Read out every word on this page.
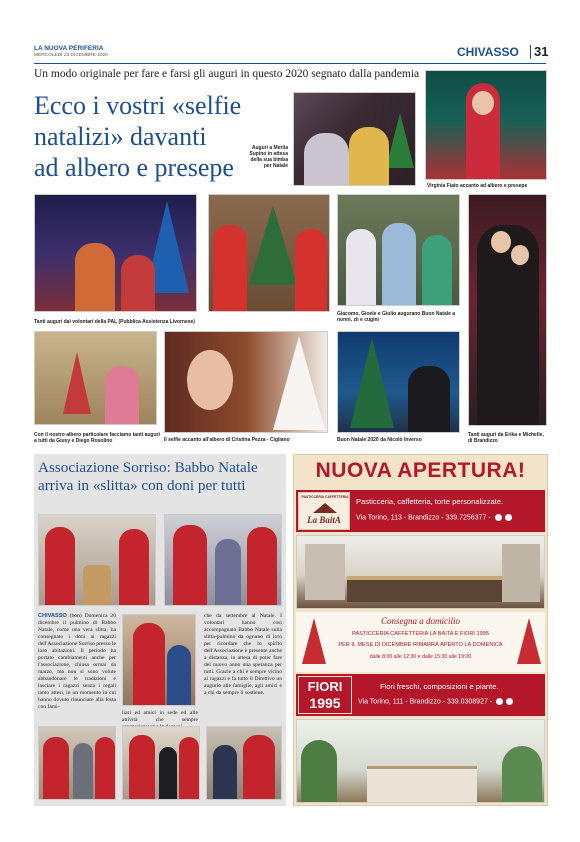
LA NUOVA PERIFERIA
MERCOLEDÌ 23 DICEMBRE 2020	CHIVASSO 31
Un modo originale per fare e farsi gli auguri in questo 2020 segnato dalla pandemia
Ecco i vostri «selfie
natalizi» davanti
ad albero e presepe
Auguri a Merila Supino in attesa della sua bimba per Natale
Virginia Fiato accanto ad albero e presepe
Tanti auguri dai volontari della PAL (Pubblica Assistenza Livornese)
Giacomo, Gioele e Giulio augurano Buon Natale a nonni, zii e cugini
Con il nostro albero particolare facciamo tanti auguri a tutti da Giusy e Diego Rosolino	Il selfie accanto all'albero di Cristina Pezza - Cigliano	Buon Natale 2020 da Nicolò Inverso
Tanti auguri da Erika e Michelle, di Brandizzo
Associazione Sorriso: Babbo Natale
arriva in «slitta» con doni per tutti
CHIVASSO (bon) Domenica 20 dicembre il pulmino di Babbo Natale, come una vera slitta, ha consegnato i doni ai ragazzi dell'Associazione Sorriso presso le loro abitazioni. Il periodo ha portato cambiamenti anche per l'associazione, chiusa ormai da marzo, ma non si sono volute abbandonare le tradizioni e lasciare i ragazzi senza i regali tanto attesi, in un momento in cui hanno dovuto rinunciare alla festa con fami-
liari ed amici in sede ed alle attività che sempre
che da settembre al Natale. I volontari hanno così accompagnato Babbo Natale sulla slitta-pulmino da ognuno di loro per ricordare che lo spirito dell'Associazione è presente anche a distanza, in attesa di poter fare del nuovo anno una speranza per tutti. Grazie a chi è sempre vicino ai ragazzi e fa tutto il Direttivo un augurio alle famiglie, agli amici e a chi da sempre li sostiene.
NUOVA APERTURA!
PASTICCERIA CAFFETTERIA
La BaitA
Pasticceria, caffetteria, torte personalizzate.
Via Torino, 113 - Brandizzo - 339.7256377 -
Consegna a domicilio
PASTICCERIA CAFFETTERIA LA BAITA E FIORI 1995
PER IL MESE DI DICEMBRE RIMARRÀ APERTO LA DOMENICA
dalle 8:00 alle 12:30 e dalle 15:30 alle 19:00
FIORI
1995
Fiori freschi, composizioni e piante.
Via Torino, 111 - Brandizzo - 339.0308927 -
